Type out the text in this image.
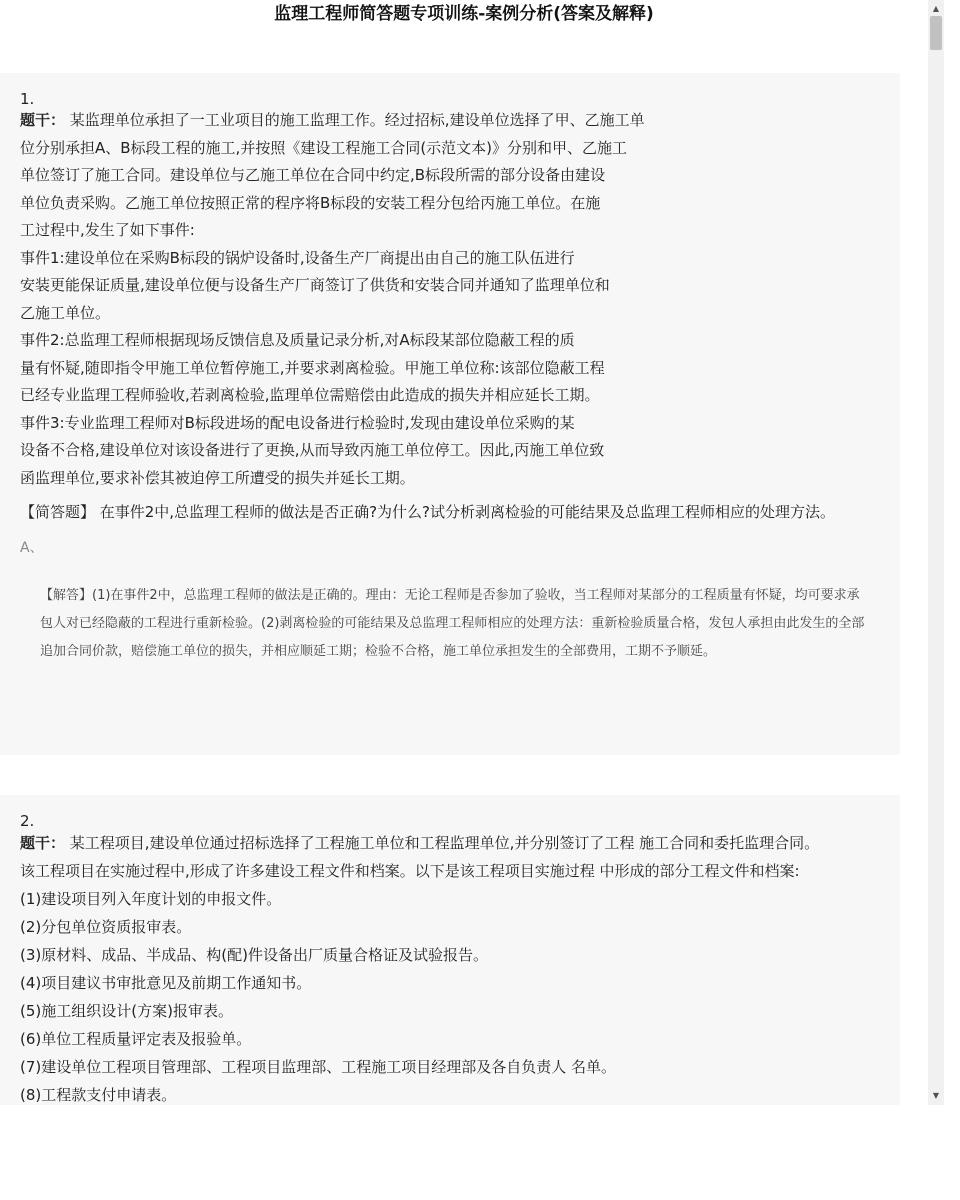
监理工程师简答题专项训练-案例分析(答案及解释)
1.
题干： 某监理单位承担了一工业项目的施工监理工作。经过招标,建设单位选择了甲、乙施工单
位分别承担A、B标段工程的施工,并按照《建设工程施工合同(示范文本)》分别和甲、乙施工
单位签订了施工合同。建设单位与乙施工单位在合同中约定,B标段所需的部分设备由建设
单位负责采购。乙施工单位按照正常的程序将B标段的安装工程分包给丙施工单位。在施
工过程中,发生了如下事件:
事件1:建设单位在采购B标段的锅炉设备时,设备生产厂商提出由自己的施工队伍进行
安装更能保证质量,建设单位便与设备生产厂商签订了供货和安装合同并通知了监理单位和
乙施工单位。
事件2:总监理工程师根据现场反馈信息及质量记录分析,对A标段某部位隐蔽工程的质
量有怀疑,随即指令甲施工单位暂停施工,并要求剥离检验。甲施工单位称:该部位隐蔽工程
已经专业监理工程师验收,若剥离检验,监理单位需赔偿由此造成的损失并相应延长工期。
事件3:专业监理工程师对B标段进场的配电设备进行检验时,发现由建设单位采购的某
设备不合格,建设单位对该设备进行了更换,从而导致丙施工单位停工。因此,丙施工单位致
函监理单位,要求补偿其被迫停工所遭受的损失并延长工期。
【简答题】 在事件2中,总监理工程师的做法是否正确?为什么?试分析剥离检验的可能结果及总监理工程师相应的处理方法。
A、
【解答】(1)在事件2中，总监理工程师的做法是正确的。理由：无论工程师是否参加了验收，当工程师对某部分的工程质量有怀疑，均可要求承包人对已经隐蔽的工程进行重新检验。(2)剥离检验的可能结果及总监理工程师相应的处理方法：重新检验质量合格，发包人承担由此发生的全部追加合同价款，赔偿施工单位的损失，并相应顺延工期；检验不合格，施工单位承担发生的全部费用，工期不予顺延。
2.
题干： 某工程项目,建设单位通过招标选择了工程施工单位和工程监理单位,并分别签订了工程 施工合同和委托监理合同。
该工程项目在实施过程中,形成了许多建设工程文件和档案。以下是该工程项目实施过程 中形成的部分工程文件和档案:
(1)建设项目列入年度计划的申报文件。
(2)分包单位资质报审表。
(3)原材料、成品、半成品、构(配)件设备出厂质量合格证及试验报告。
(4)项目建议书审批意见及前期工作通知书。
(5)施工组织设计(方案)报审表。
(6)单位工程质量评定表及报验单。
(7)建设单位工程项目管理部、工程项目监理部、工程施工项目经理部及各自负责人 名单。
(8)工程款支付申请表。
▲
▼
